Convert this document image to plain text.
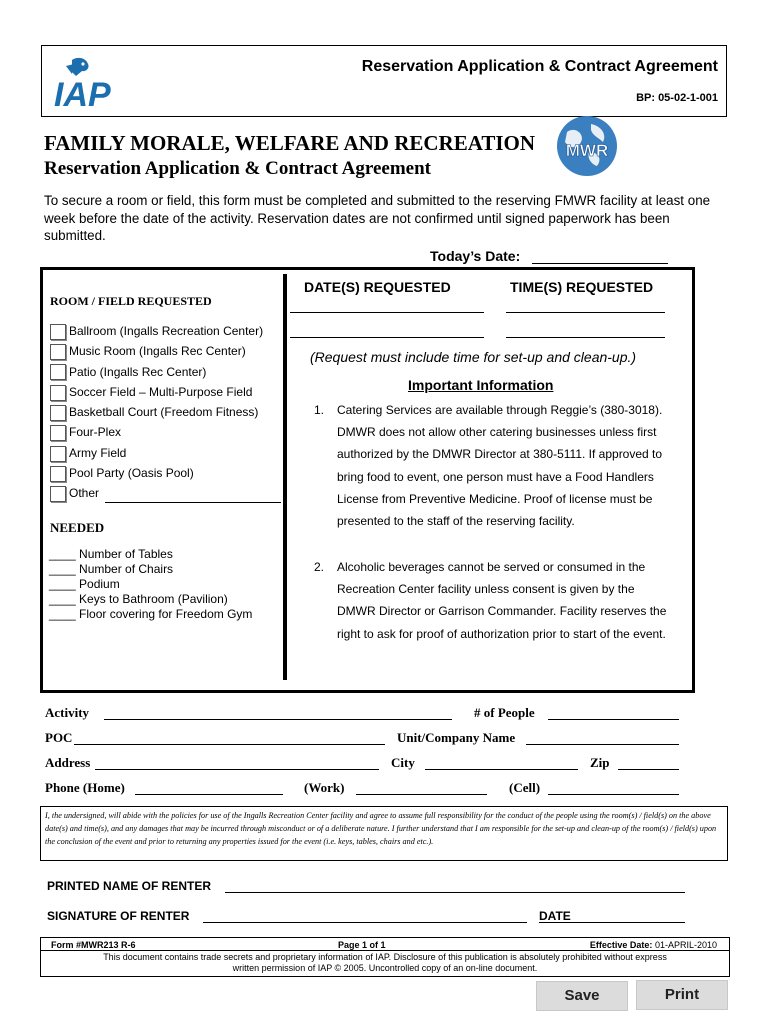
IAP
Reservation Application & Contract Agreement
BP: 05-02-1-001
FAMILY MORALE, WELFARE AND RECREATION
Reservation Application & Contract Agreement
MWR
To secure a room or field, this form must be completed and submitted to the reserving FMWR facility at least one week before the date of the activity. Reservation dates are not confirmed until signed paperwork has been submitted.
Today’s Date:
ROOM / FIELD REQUESTED
Ballroom (Ingalls Recreation Center)
Music Room (Ingalls Rec Center)
Patio (Ingalls Rec Center)
Soccer Field – Multi-Purpose Field
Basketball Court (Freedom Fitness)
Four-Plex
Army Field
Pool Party (Oasis Pool)
Other
NEEDED
____ Number of Tables
____ Number of Chairs
____ Podium
____ Keys to Bathroom (Pavilion)
____ Floor covering for Freedom Gym
DATE(S) REQUESTED	TIME(S) REQUESTED
(Request must include time for set-up and clean-up.)
Important Information
1. Catering Services are available through Reggie’s (380-3018).
DMWR does not allow other catering businesses unless first
authorized by the DMWR Director at 380-5111. If approved to
bring food to event, one person must have a Food Handlers
License from Preventive Medicine. Proof of license must be
presented to the staff of the reserving facility.
2. Alcoholic beverages cannot be served or consumed in the
Recreation Center facility unless consent is given by the
DMWR Director or Garrison Commander. Facility reserves the
right to ask for proof of authorization prior to start of the event.
Activity	# of People
POC	Unit/Company Name
Address	City	Zip
Phone (Home)	(Work)	(Cell)
I, the undersigned, will abide with the policies for use of the Ingalls Recreation Center facility and agree to assume full responsibility for the conduct of the people using the room(s) / field(s) on the above date(s) and time(s), and any damages that may be incurred through misconduct or of a deliberate nature. I further understand that I am responsible for the set-up and clean-up of the room(s) / field(s) upon the conclusion of the event and prior to returning any properties issued for the event (i.e. keys, tables, chairs and etc.).
PRINTED NAME OF RENTER
SIGNATURE OF RENTER	DATE
Form #MWR213 R-6	Page 1 of 1	Effective Date: 01-APRIL-2010
This document contains trade secrets and proprietary information of IAP. Disclosure of this publication is absolutely prohibited without express
written permission of IAP © 2005. Uncontrolled copy of an on-line document.
Save	Print
